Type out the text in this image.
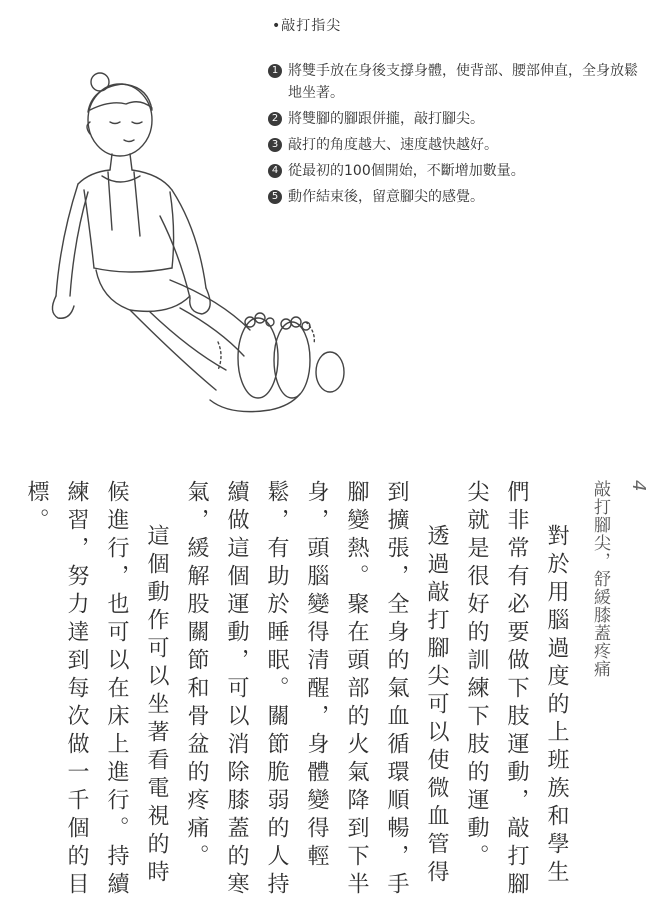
•敲打指尖
1 將雙手放在身後支撐身體，使背部、腰部伸直，全身放鬆地坐著。
2 將雙腳的腳跟併攏，敲打腳尖。
3 敲打的角度越大、速度越快越好。
4 從最初的100個開始，不斷增加數量。
5 動作結束後，留意腳尖的感覺。
4
敲打腳尖，舒緩膝蓋疼痛

對於用腦過度的上班族和學生們非常有必要做下肢運動，敲打腳尖就是很好的訓練下肢的運動。

透過敲打腳尖可以使微血管得到擴張，全身的氣血循環順暢，手腳變熱。聚在頭部的火氣降到下半身，頭腦變得清醒，身體變得輕鬆，有助於睡眠。關節脆弱的人持續做這個運動，可以消除膝蓋的寒氣，緩解股關節和骨盆的疼痛。

這個動作可以坐著看電視的時候進行，也可以在床上進行。持續練習，努力達到每次做一千個的目標。
